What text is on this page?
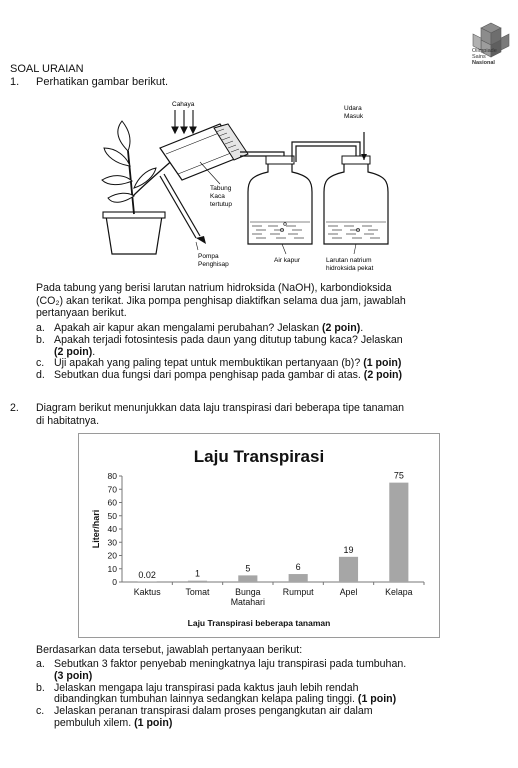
Olimpiade
Sains
Nasional
SOAL URAIAN
1. Perhatikan gambar berikut.
Cahaya
Udara
Masuk
Tabung
Kaca
tertutup
Pompa
Penghisap
Air kapur	Larutan natrium
hidroksida pekat
Pada tabung yang berisi larutan natrium hidroksida (NaOH), karbondioksida
(CO₂) akan terikat. Jika pompa penghisap diaktifkan selama dua jam, jawablah
pertanyaan berikut.
a. Apakah air kapur akan mengalami perubahan? Jelaskan (2 poin).
b. Apakah terjadi fotosintesis pada daun yang ditutup tabung kaca? Jelaskan
(2 poin).
c. Uji apakah yang paling tepat untuk membuktikan pertanyaan (b)? (1 poin)
d. Sebutkan dua fungsi dari pompa penghisap pada gambar di atas. (2 poin)
2. Diagram berikut menunjukkan data laju transpirasi dari beberapa tipe tanaman
di habitatnya.
Laju Transpirasi
0
10
20
30
40
50
60
70
80
Liter/hari
0.02
Kaktus
1
Tomat
5
Bunga
Matahari
6
Rumput
19
Apel
75
Kelapa
Laju Transpirasi beberapa tanaman
Berdasarkan data tersebut, jawablah pertanyaan berikut:
a. Sebutkan 3 faktor penyebab meningkatnya laju transpirasi pada tumbuhan.
(3 poin)
b. Jelaskan mengapa laju transpirasi pada kaktus jauh lebih rendah
dibandingkan tumbuhan lainnya sedangkan kelapa paling tinggi. (1 poin)
c. Jelaskan peranan transpirasi dalam proses pengangkutan air dalam
pembuluh xilem. (1 poin)
